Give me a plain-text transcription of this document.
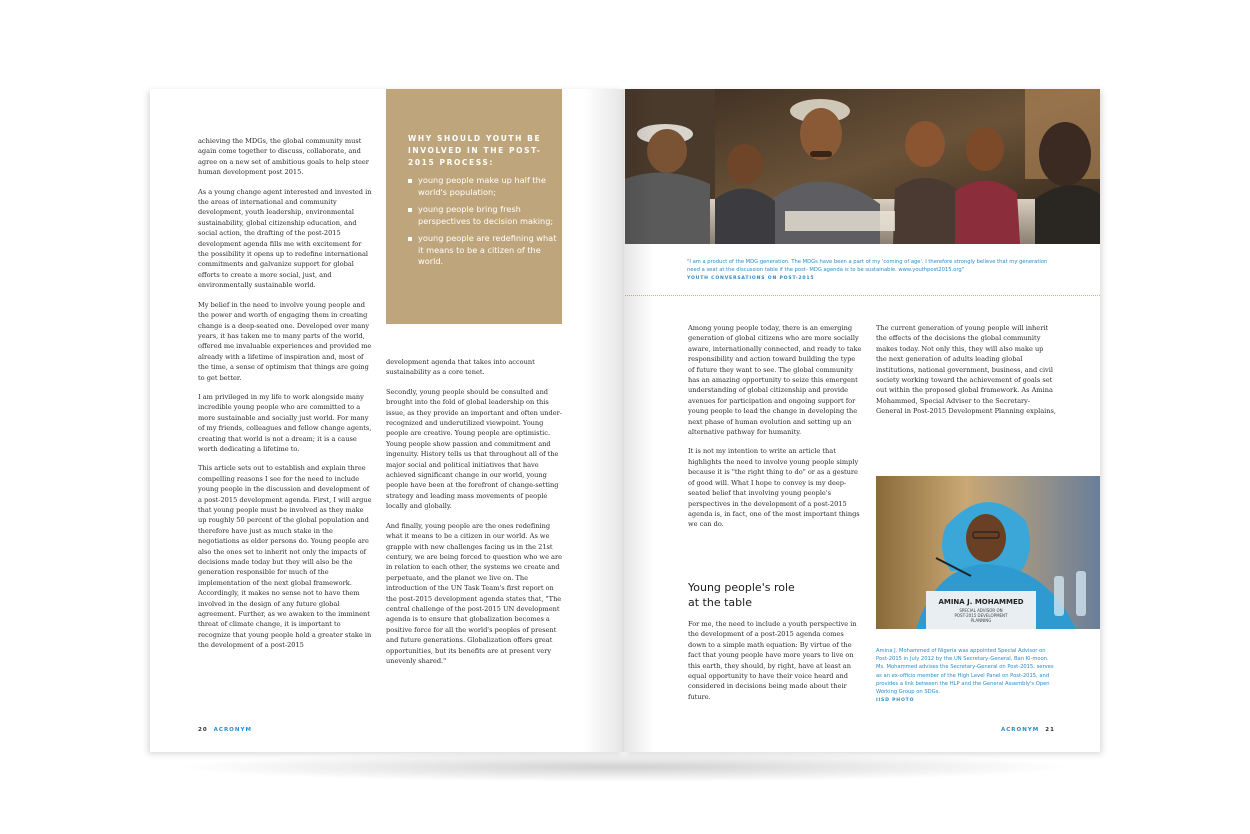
achieving the MDGs, the global community must again come together to discuss, collaborate, and agree on a new set of ambitious goals to help steer human development post 2015.

As a young change agent interested and invested in the areas of international and community development, youth leadership, environmental sustainability, global citizenship education, and social action, the drafting of the post-2015 development agenda fills me with excitement for the possibility it opens up to redefine international commitments and galvanize support for global efforts to create a more social, just, and environmentally sustainable world.

My belief in the need to involve young people and the power and worth of engaging them in creating change is a deep-seated one. Developed over many years, it has taken me to many parts of the world, offered me invaluable experiences and provided me already with a lifetime of inspiration and, most of the time, a sense of optimism that things are going to get better.

I am privileged in my life to work alongside many incredible young people who are committed to a more sustainable and socially just world. For many of my friends, colleagues and fellow change agents, creating that world is not a dream; it is a cause worth dedicating a lifetime to.

This article sets out to establish and explain three compelling reasons I see for the need to include young people in the discussion and development of a post-2015 development agenda. First, I will argue that young people must be involved as they make up roughly 50 percent of the global population and therefore have just as much stake in the negotiations as elder persons do. Young people are also the ones set to inherit not only the impacts of decisions made today but they will also be the generation responsible for much of the implementation of the next global framework. Accordingly, it makes no sense not to have them involved in the design of any future global agreement. Further, as we awaken to the imminent threat of climate change, it is important to recognize that young people hold a greater stake in the development of a post-2015

WHY SHOULD YOUTH BE INVOLVED IN THE POST-2015 PROCESS:
young people make up half the world's population;
young people bring fresh perspectives to decision making;
young people are redefining what it means to be a citizen of the world.

development agenda that takes into account sustainability as a core tenet.

Secondly, young people should be consulted and brought into the fold of global leadership on this issue, as they provide an important and often under-recognized and underutilized viewpoint. Young people are creative. Young people are optimistic. Young people show passion and commitment and ingenuity. History tells us that throughout all of the major social and political initiatives that have achieved significant change in our world, young people have been at the forefront of change-setting strategy and leading mass movements of people locally and globally.

And finally, young people are the ones redefining what it means to be a citizen in our world. As we grapple with new challenges facing us in the 21st century, we are being forced to question who we are in relation to each other, the systems we create and perpetuate, and the planet we live on. The introduction of the UN Task Team's first report on the post-2015 development agenda states that, "The central challenge of the post-2015 UN development agenda is to ensure that globalization becomes a positive force for all the world's peoples of present and future generations. Globalization offers great opportunities, but its benefits are at present very unevenly shared."

20 ACRONYM
"I am a product of the MDG generation. The MDGs have been a part of my 'coming of age'. I therefore strongly believe that my generation need a seat at the discussion table if the post- MDG agenda is to be sustainable. www.youthpost2015.org"
YOUTH CONVERSATIONS ON POST-2015

Among young people today, there is an emerging generation of global citizens who are more socially aware, internationally connected, and ready to take responsibility and action toward building the type of future they want to see. The global community has an amazing opportunity to seize this emergent understanding of global citizenship and provide avenues for participation and ongoing support for young people to lead the change in developing the next phase of human evolution and setting up an alternative pathway for humanity.

It is not my intention to write an article that highlights the need to involve young people simply because it is "the right thing to do" or as a gesture of good will. What I hope to convey is my deep-seated belief that involving young people's perspectives in the development of a post-2015 agenda is, in fact, one of the most important things we can do.

Young people's role
at the table

For me, the need to include a youth perspective in the development of a post-2015 agenda comes down to a simple math equation: By virtue of the fact that young people have more years to live on this earth, they should, by right, have at least an equal opportunity to have their voice heard and considered in decisions being made about their future.

The current generation of young people will inherit the effects of the decisions the global community makes today. Not only this, they will also make up the next generation of adults leading global institutions, national government, business, and civil society working toward the achievement of goals set out within the proposed global framework. As Amina Mohammed, Special Adviser to the Secretary-General in Post-2015 Development Planning explains,

AMINA J. MOHAMMED
SPECIAL ADVISOR ON
POST-2015 DEVELOPMENT
PLANNING
Amina J. Mohammed of Nigeria was appointed Special Advisor on Post-2015 in July 2012 by the UN Secretary-General, Ban Ki-moon. Ms. Mohammed advises the Secretary-General on Post-2015, serves as an ex-officio member of the High Level Panel on Post-2015, and provides a link between the HLP and the General Assembly's Open Working Group on SDGs.
IISD PHOTO
ACRONYM 21
